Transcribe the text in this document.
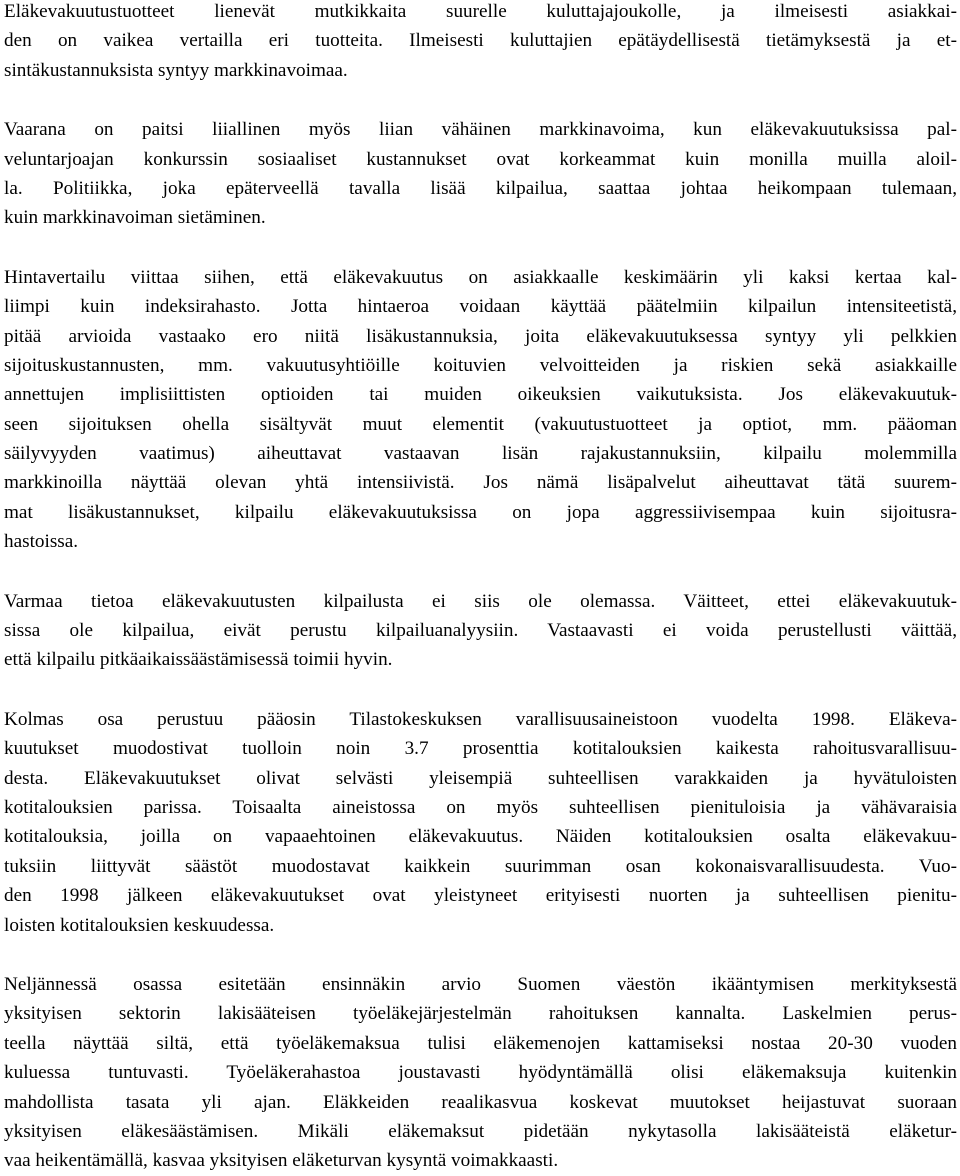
Eläkevakuutustuotteet lienevät mutkikkaita suurelle kuluttajajoukolle, ja ilmeisesti asiakkai-
den on vaikea vertailla eri tuotteita. Ilmeisesti kuluttajien epätäydellisestä tietämyksestä ja et-
sintäkustannuksista syntyy markkinavoimaa.
Vaarana on paitsi liiallinen myös liian vähäinen markkinavoima, kun eläkevakuutuksissa pal-
veluntarjoajan konkurssin sosiaaliset kustannukset ovat korkeammat kuin monilla muilla aloil-
la. Politiikka, joka epäterveellä tavalla lisää kilpailua, saattaa johtaa heikompaan tulemaan,
kuin markkinavoiman sietäminen.
Hintavertailu viittaa siihen, että eläkevakuutus on asiakkaalle keskimäärin yli kaksi kertaa kal-
liimpi kuin indeksirahasto. Jotta hintaeroa voidaan käyttää päätelmiin kilpailun intensiteetistä,
pitää arvioida vastaako ero niitä lisäkustannuksia, joita eläkevakuutuksessa syntyy yli pelkkien
sijoituskustannusten, mm. vakuutusyhtiöille koituvien velvoitteiden ja riskien sekä asiakkaille
annettujen implisiittisten optioiden tai muiden oikeuksien vaikutuksista. Jos eläkevakuutuk-
seen sijoituksen ohella sisältyvät muut elementit (vakuutustuotteet ja optiot, mm. pääoman
säilyvyyden vaatimus) aiheuttavat vastaavan lisän rajakustannuksiin, kilpailu molemmilla
markkinoilla näyttää olevan yhtä intensiivistä. Jos nämä lisäpalvelut aiheuttavat tätä suurem-
mat lisäkustannukset, kilpailu eläkevakuutuksissa on jopa aggressiivisempaa kuin sijoitusra-
hastoissa.
Varmaa tietoa eläkevakuutusten kilpailusta ei siis ole olemassa. Väitteet, ettei eläkevakuutuk-
sissa ole kilpailua, eivät perustu kilpailuanalyysiin. Vastaavasti ei voida perustellusti väittää,
että kilpailu pitkäaikaissäästämisessä toimii hyvin.
Kolmas osa perustuu pääosin Tilastokeskuksen varallisuusaineistoon vuodelta 1998. Eläkeva-
kuutukset muodostivat tuolloin noin 3.7 prosenttia kotitalouksien kaikesta rahoitusvarallisuu-
desta. Eläkevakuutukset olivat selvästi yleisempiä suhteellisen varakkaiden ja hyvätuloisten
kotitalouksien parissa. Toisaalta aineistossa on myös suhteellisen pienituloisia ja vähävaraisia
kotitalouksia, joilla on vapaaehtoinen eläkevakuutus. Näiden kotitalouksien osalta eläkevakuu-
tuksiin liittyvät säästöt muodostavat kaikkein suurimman osan kokonaisvarallisuudesta. Vuo-
den 1998 jälkeen eläkevakuutukset ovat yleistyneet erityisesti nuorten ja suhteellisen pienitu-
loisten kotitalouksien keskuudessa.
Neljännessä osassa esitetään ensinnäkin arvio Suomen väestön ikääntymisen merkityksestä
yksityisen sektorin lakisääteisen työeläkejärjestelmän rahoituksen kannalta. Laskelmien perus-
teella näyttää siltä, että työeläkemaksua tulisi eläkemenojen kattamiseksi nostaa 20-30 vuoden
kuluessa tuntuvasti. Työeläkerahastoa joustavasti hyödyntämällä olisi eläkemaksuja kuitenkin
mahdollista tasata yli ajan. Eläkkeiden reaalikasvua koskevat muutokset heijastuvat suoraan
yksityisen eläkesäästämisen. Mikäli eläkemaksut pidetään nykytasolla lakisääteistä eläketur-
vaa heikentämällä, kasvaa yksityisen eläketurvan kysyntä voimakkaasti.
